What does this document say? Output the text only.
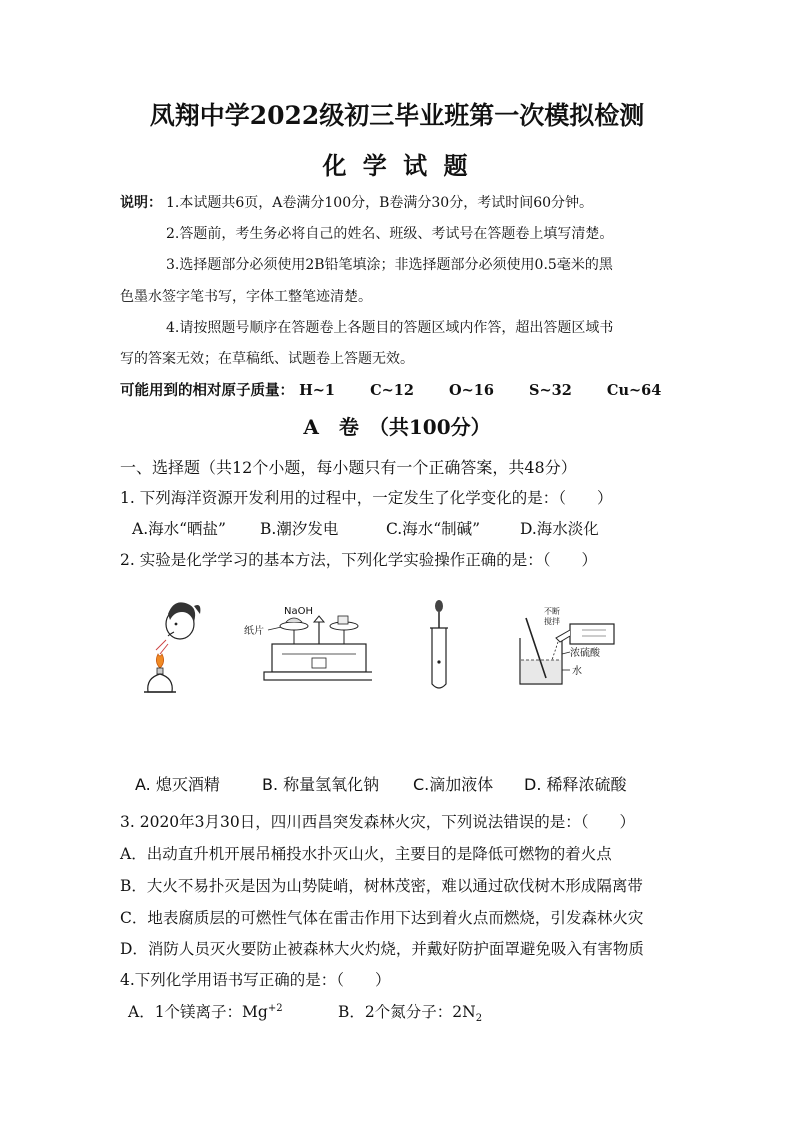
凤翔中学2022级初三毕业班第一次模拟检测
化 学 试 题
说明： 1.本试题共6页，A卷满分100分，B卷满分30分，考试时间60分钟。
2.答题前，考生务必将自己的姓名、班级、考试号在答题卷上填写清楚。
3.选择题部分必须使用2B铅笔填涂；非选择题部分必须使用0.5毫米的黑
色墨水签字笔书写，字体工整笔迹清楚。
4.请按照题号顺序在答题卷上各题目的答题区域内作答，超出答题区域书
写的答案无效；在草稿纸、试题卷上答题无效。
可能用到的相对原子质量： H~1 C~12 O~16 S~32 Cu~64
A　卷　（共100分）
一、选择题（共12个小题，每小题只有一个正确答案，共48分）
1. 下列海洋资源开发利用的过程中，一定发生了化学变化的是：（　　）
A.海水“晒盐” B.潮汐发电	C.海水“制碱”	D.海水淡化
2. 实验是化学学习的基本方法，下列化学实验操作正确的是：（　　）
NaOH
纸片
不断
搅拌
浓硫酸
水
A. 熄灭酒精	B. 称量氢氧化钠 C.滴加液体 D. 稀释浓硫酸
3. 2020年3月30日，四川西昌突发森林火灾，下列说法错误的是：（　　）
A．出动直升机开展吊桶投水扑灭山火，主要目的是降低可燃物的着火点
B．大火不易扑灭是因为山势陡峭，树林茂密，难以通过砍伐树木形成隔离带
C．地表腐质层的可燃性气体在雷击作用下达到着火点而燃烧，引发森林火灾
D．消防人员灭火要防止被森林大火灼烧，并戴好防护面罩避免吸入有害物质
4.下列化学用语书写正确的是：（　　）
A．1个镁离子：$Mg^{+2}$	B．2个氮分子：$2N_2$
